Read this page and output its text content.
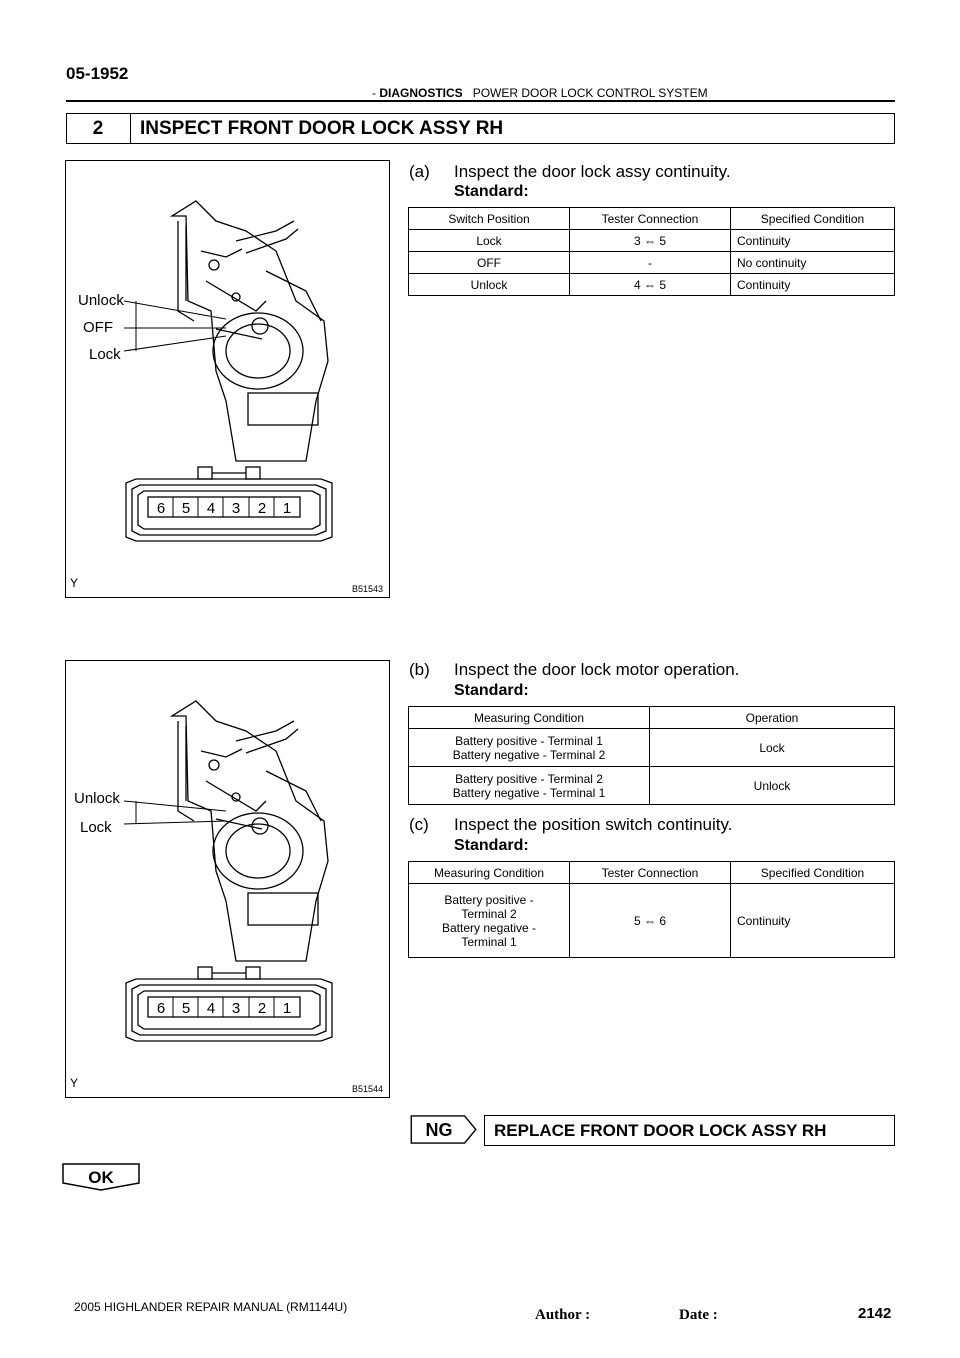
05-1952
- DIAGNOSTICS POWER DOOR LOCK CONTROL SYSTEM
2	INSPECT FRONT DOOR LOCK ASSY RH
Unlock
OFF
Lock
6 5 4 3 2 1
Y	B51543
(a) Inspect the door lock assy continuity.
Standard:
Switch Position	Tester Connection	Specified Condition
Lock	3 ⇔ 5	Continuity
OFF	-	No continuity
Unlock	4 ⇔ 5	Continuity
Unlock
Lock
6 5 4 3 2 1
Y	B51544
(b) Inspect the door lock motor operation.
Standard:
Measuring Condition	Operation

Battery positive - Terminal 1
Battery negative - Terminal 2	Lock

Battery positive - Terminal 2
Battery negative - Terminal 1	Unlock
(c) Inspect the position switch continuity.
Standard:
Measuring Condition	Tester Connection	Specified Condition

Battery positive -
Terminal 2
Battery negative -
Terminal 1	5 ⇔ 6	Continuity
NG	REPLACE FRONT DOOR LOCK ASSY RH
OK
2005 HIGHLANDER REPAIR MANUAL (RM1144U)	Author :	Date :	2142
